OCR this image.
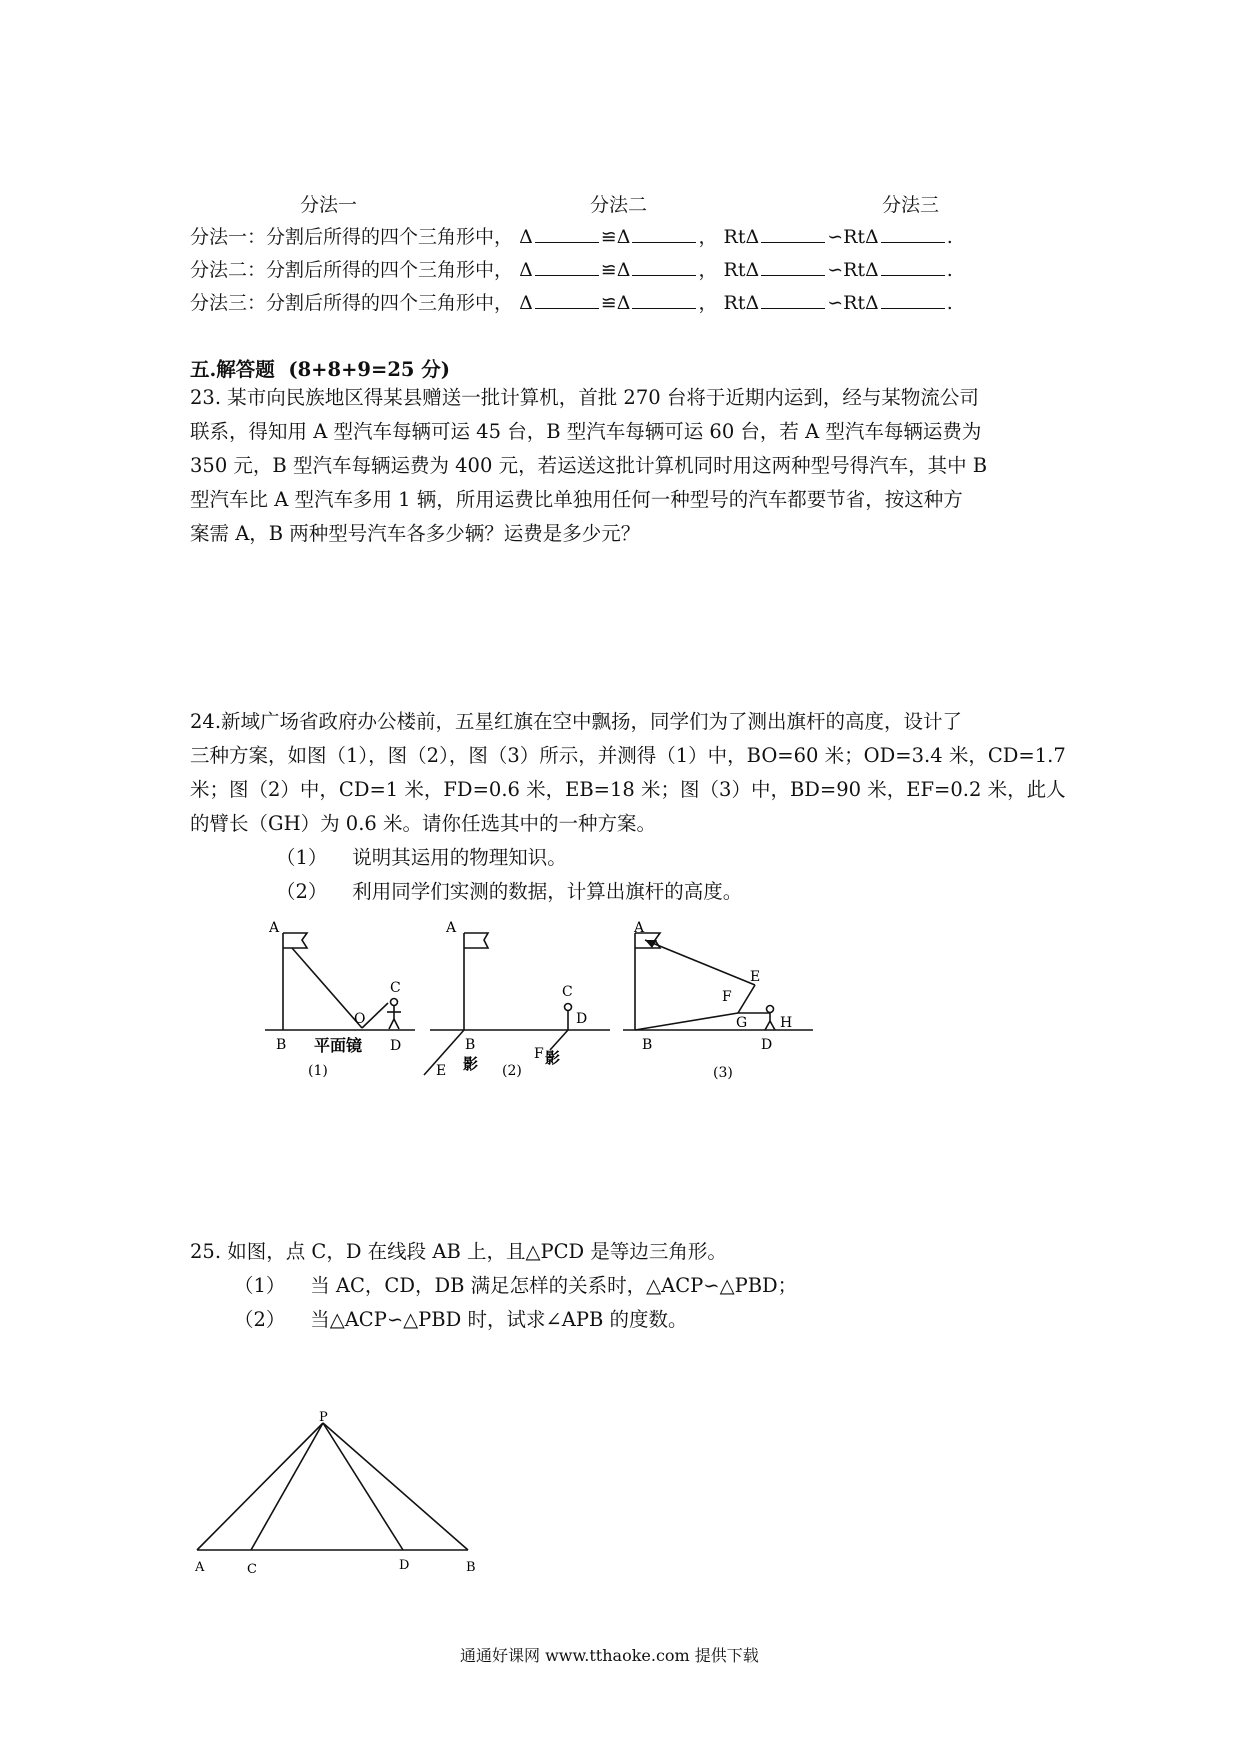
分法一	分法二	分法三
分法一：分割后所得的四个三角形中， Δ	≌Δ	， RtΔ	∽RtΔ	.
分法二：分割后所得的四个三角形中， Δ	≌Δ	， RtΔ	∽RtΔ	.
分法三：分割后所得的四个三角形中， Δ	≌Δ	， RtΔ	∽RtΔ	.
五.解答题 (8+8+9=25 分)
23. 某市向民族地区得某县赠送一批计算机，首批 270 台将于近期内运到，经与某物流公司
联系，得知用 A 型汽车每辆可运 45 台，B 型汽车每辆可运 60 台，若 A 型汽车每辆运费为
350 元，B 型汽车每辆运费为 400 元，若运送这批计算机同时用这两种型号得汽车，其中 B
型汽车比 A 型汽车多用 1 辆，所用运费比单独用任何一种型号的汽车都要节省，按这种方
案需 A，B 两种型号汽车各多少辆？运费是多少元？
24.新域广场省政府办公楼前，五星红旗在空中飘扬，同学们为了测出旗杆的高度，设计了
三种方案，如图（1），图（2），图（3）所示，并测得（1）中，BO=60 米；OD=3.4 米，CD=1.7
米；图（2）中，CD=1 米，FD=0.6 米，EB=18 米；图（3）中，BD=90 米，EF=0.2 米，此人
的臂长（GH）为 0.6 米。请你任选其中的一种方案。
（1） 说明其运用的物理知识。
（2） 利用同学们实测的数据，计算出旗杆的高度。
A
B
O
C
D
平面镜
(1)
A
B
影
E
C
D
F 影
(2)
A
B
E
F
G H
D
(3)
25. 如图，点 C，D 在线段 AB 上，且△PCD 是等边三角形。
（1） 当 AC，CD，DB 满足怎样的关系时，△ACP∽△PBD；
（2） 当△ACP∽△PBD 时，试求∠APB 的度数。
P
A	C	D	B
通通好课网 www.tthaoke.com 提供下载
